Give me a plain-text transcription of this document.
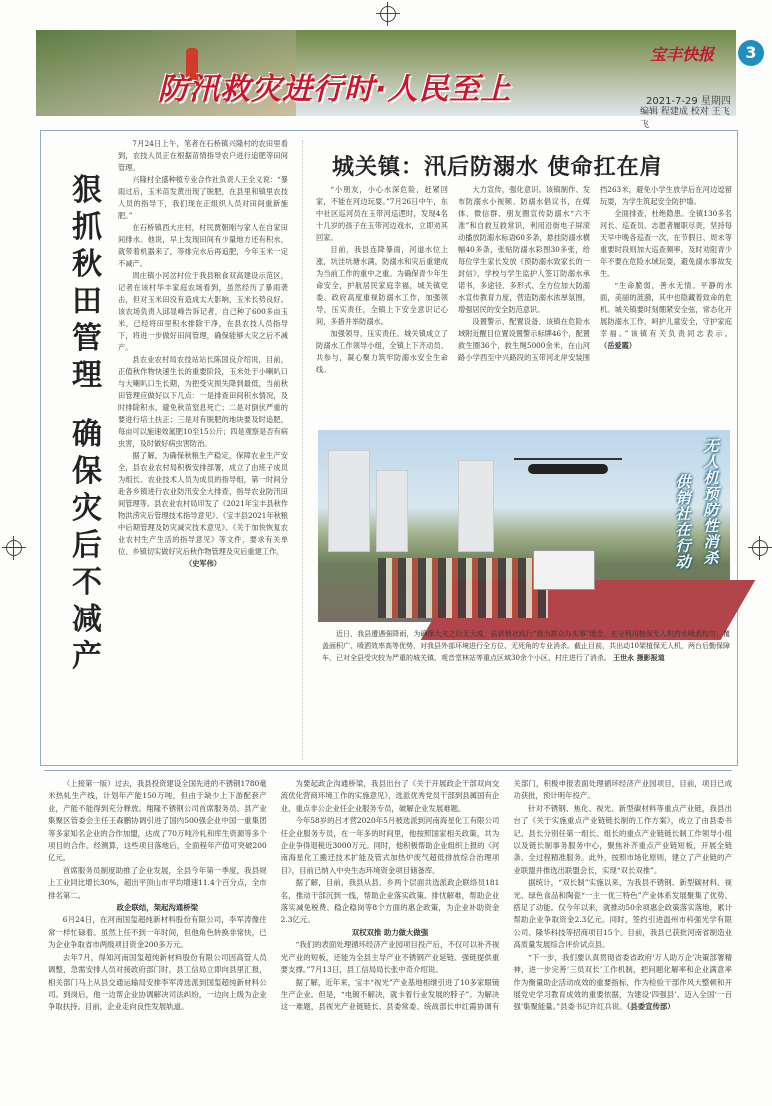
防汛救灾进行时·人民至上
宝丰快报	3
2021-7-29 星期四
编辑 程建成 校对 王飞飞
狠
抓
秋
田
管
理
确
保
灾
后
不
减
产

7月24日上午，笔者在石桥镇兴隆村的农田里看到，农技人员正在根据苗情指导农户进行追肥等田间管理。

兴隆村全盛种植专业合作社负责人王全义说：“暴雨过后，玉米苗发黄出现了脱肥，在县里和镇里农技人员的指导下，我们现在正组织人员对田间重新施肥。”

在石桥镇西大庄村，村民贾朝刚与家人在自家田间排水。他说，早上发现田间有少量地方还有积水，就带着机器来了，等排完水后再追肥，今年玉米一定不减产。

周庄镇小河岔村位于我县粮食双高建设示范区，记者在该村华丰家庭农场看到，虽然经历了暴雨袭击，但对玉米田没有造成太大影响，玉米长势良好。该农场负责人邱显峰告诉记者，自己种了600多亩玉米，已经将田里积水排除干净，在县农技人员指导下，将进一步做好田间管理，确保能够大灾之后不减产。

县农业农村局农技站站长陈国良介绍说，目前，正值秋作物快速生长的重要阶段，玉米处于小喇叭口与大喇叭口生长期，为把受灾损失降到最低，当前秋田管理应做好以下几点：一是排查田间积水情况，及时排除积水，避免秋苗窒息死亡；二是对倒伏严重的要进行培土扶正；三是对有脱肥的地块要及时追肥，每亩可以施速效氮肥10至15公斤；四是观察是否有病虫害，及时做好病虫害防治。

据了解，为确保秋粮生产稳定，保障农业生产安全，县农业农村局积极安排部署，成立了由班子成员为组长、农业技术人员为成员的指导组，第一时间分赴各乡镇进行农业防汛安全大排查，指导农业防汛田间管理等。县农业农村局印发了《2021年宝丰县秋作物洪涝灾后管理技术指导意见》、《宝丰县2021年秋粮中后期管理及防灾减灾技术意见》、《关于加快恢复农业农村生产生活的指导意见》等文件，要求有关单位、乡镇切实做好灾后秋作物管理及灾后重建工作。

（史军伟）

城关镇：汛后防溺水 使命扛在肩

“小朋友，小心水深危险，赶紧回家，不能在河边玩耍。”7月26日中午，东中社区巡河员在玉带河巡逻时，发现4名十几岁的孩子在玉带河边戏水，立即劝其回家。

目前，我县连降暴雨，河道水位上涨，坑洼坑塘水满，防溺水和灾后重建成为当前工作的重中之重。为确保青少年生命安全，护航居民家庭幸福，城关镇党委、政府高度重视防溺水工作，加强领导，压实责任，全镇上下安全意识记心间，多措并举防溺水。

加强领导，压实责任。城关镇成立了防溺水工作领导小组，全镇上下齐动员、共参与，凝心聚力筑牢防溺水安全生命线。

大力宣传，强化意识。该镇制作、发布防溺水小视频、防溺水倡议书，在媒体、微信群、朋友圈宣传防溺水“六不准”和自救互救常识，利用沿街电子屏滚动播放防溺水标语60多条，悬挂防溺水横幅40多条，张贴防溺水彩图30多张，给每位学生家长发放《预防溺水致家长的一封信》，学校与学生监护人签订防溺水承诺书，多途径、多形式、全方位加大防溺水宣传教育力度，营造防溺水浓厚氛围，增强居民的安全防范意识。

设置警示，配置设备。该镇在危险水域附近醒目位置设置警示标牌46个，配置救生圈36个，救生绳5000余米，在山河路小学西至中兴路段的玉带河北岸安装围挡263米，避免小学生放学后在河边逗留玩耍，为学生筑起安全防护墙。

全面排查，杜绝隐患。全镇130多名河长、巡查员、志愿者履职尽责，坚持每天早中晚各巡查一次，在节假日、周末等重要时段则加大巡查频率，及时劝阻青少年不要在危险水域玩耍，避免溺水事故发生。

“生命脆弱，善水无情。平静的水面，美丽的涟漪，其中也隐藏着致命的危机。城关镇要时刻绷紧安全弦，常态化开展防溺水工作，呵护儿童安全，守护家庭幸福。”该镇有关负责同志表示。（岳爱霞）

无人机预防性消杀
供销社在行动
近日，我县遭遇强降雨，为确保大灾之后无大疫，县供销社践行“我为群众办实事”理念，充分利用植保无人机药水喷洒均匀、覆盖面积广、喷洒效率高等优势，对我县外部环境进行全方位、无死角的专业消杀。截止目前，共出动10架植保无人机，两台后勤保障车，已对全县受灾较为严重的城关镇、观音堂林站等重点区域30余个小区、村庄进行了消杀。 王世永 摄影报道

（上接第一版）过去，我县投资建设全国先进的不锈钢1780毫米热轧生产线，计划年产能150万吨，但由于缺少上下游配套产业，产能不能得到充分释放。翔隆不锈钢公司首席服务员、县产业集聚区管委会主任王森鹏协调引进了国内500强企业中国一重集团等多家知名企业的合作加盟，达成了70万吨冷轧和库生资源等多个项目的合作。经测算，这些项目落地后，全面程年产值可突破200亿元。

首席服务员制度助推了企业发展，全县今年第一季度，我县规上工业同比增长30%，超出平顶山市平均增速11.4个百分点，全市排名第二。

政企联结，架起沟通桥梁

6月24日，在河南国玺超纯新材料股份有限公司，李军涛像往常一样忙碌着。虽然上任不到一年时间，但他角色转换非常快，已为企业争取省市两级项目资金200多万元。

去年7月，得知河南国玺超纯新材料股份有限公司因高管人员调整，急需安排人员对接政府部门时，县工信局立即向县里汇报，相关部门马上从县交通运输局安排李军涛选派到国玺超纯新材料公司。到岗后，他一边帮企业协调解决司法纠纷，一边向上级为企业争取扶持。目前，企业走向良性发展轨道。

为要起政企沟通桥梁，我县出台了《关于开展政企干部双向交流优化营商环境工作的实施意见》，选派优秀党员干部到县属国有企业、重点非公企业任企业服务专员，破解企业发展难题。

今年58岁的吕才营2020年5月被选派到河南海星化工有限公司任企业服务专员，在一年多的时间里，他按照国家相关政策，共为企业争得退税近3000万元。同时，他积极帮助企业组织上报的《河南海星化工搬迁技术扩能及管式加热炉废气超低排放综合治理项目》，目前已纳入中央生态环境资金项目储备库。

据了解，目前，我县从县、乡两个层面共选派政企联络员181名，推动干部沉到一线，帮助企业落实政策、排忧解难，帮助企业落实减免税费、稳企稳岗等8个方面的惠企政策，为企业补助资金2.3亿元。

双权双推 助力做大做强

“我们的表面处理循环经济产业园项目投产后，不仅可以补齐视光产业的短板，还能为全县主导产业不锈钢产业延链、强链提供重要支撑。”7月13日，县工信局局长张中奇介绍说。

据了解，近年来，宝丰“视光”产业基地相继引进了10多家眼镜生产企业。但是，“电镀不解决，就卡着行业发展的脖子”。为解决这一难题，县视光产业链链长、县委常委、统战部长申红霞协调有关部门，积极申报表面处理循环经济产业园项目，目前，项目已成功获批，预计明年投产。

针对不锈钢、焦化、视光、新型碳材料等重点产业链，我县出台了《关于实施重点产业链链长制的工作方案》，成立了由县委书记、县长分别任第一组长、组长的重点产业链链长制工作领导小组以及链长制事务服务中心，聚焦补齐重点产业链短板，开展全链条、全过程精准服务。此外，按照市场化原则，建立了产业链的产业联盟并推选出联盟会长，实现“双长双推”。

据统计，“双长制”实施以来，为我县不锈钢、新型碳材料、视光、绿色食品和陶瓷“一主一优三特色”产业体系发展聚集了优势、搭足了动能。仅今年以来，就推动50余项惠企政策落实落地，累计帮助企业争取资金2.3亿元。同时，签约引进温州市科强光学有限公司、隆华科技等招商项目15个。目前，我县已获批河南省制造业高质量发展综合评价试点县。

“下一步，我们要认真贯彻省委省政府‘万人助万企’决策部署精神，进一步完善‘三员双长’工作机制，把问题化解率和企业满意率作为衡量助企活动成效的重要指标，作为检验干部作风大整顿和开展党史学习教育成效的重要依据，为建设‘四强县’、迈入全国‘一百强’集聚能量。”县委书记许红兵说。（县委宣传部）
